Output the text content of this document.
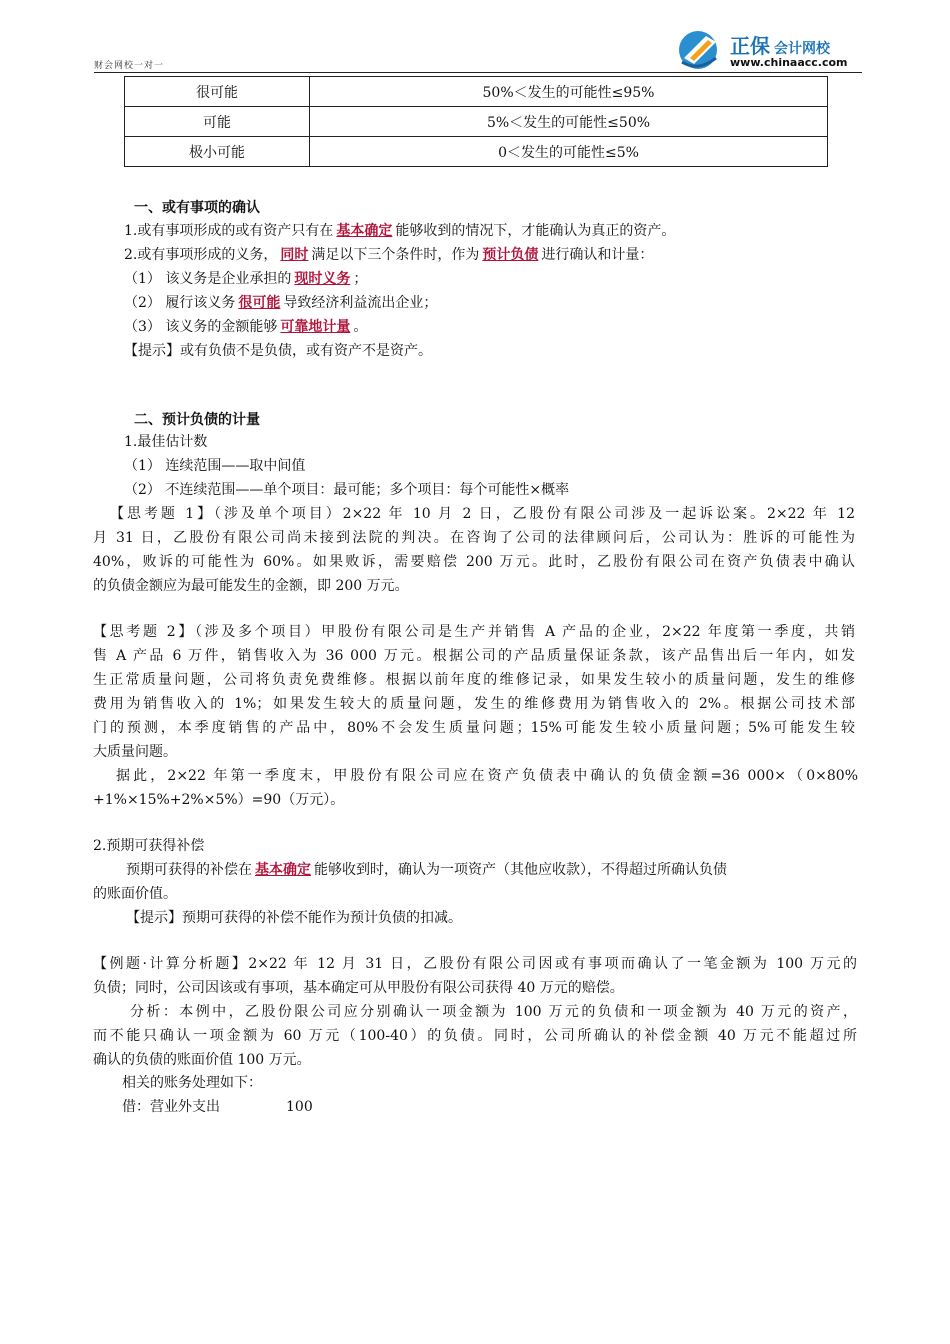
财会网校一对一
正保 会计网校
www.chinaacc.com
很可能	50%＜发生的可能性≤95%
可能	5%＜发生的可能性≤50%
极小可能	0＜发生的可能性≤5%
一、或有事项的确认
1.或有事项形成的或有资产只有在 基本确定 能够收到的情况下，才能确认为真正的资产。
2.或有事项形成的义务， 同时 满足以下三个条件时，作为 预计负债 进行确认和计量：
（1） 该义务是企业承担的 现时义务 ；
（2） 履行该义务 很可能 导致经济利益流出企业；
（3） 该义务的金额能够 可靠地计量 。
【提示】或有负债不是负债，或有资产不是资产。
二、预计负债的计量
1.最佳估计数
（1） 连续范围——取中间值
（2） 不连续范围——单个项目：最可能；多个项目：每个可能性×概率
【思考题 1】（涉及单个项目）2×22 年 10 月 2 日，乙股份有限公司涉及一起诉讼案。2×22 年 12
月 31 日，乙股份有限公司尚未接到法院的判决。在咨询了公司的法律顾问后，公司认为：胜诉的可能性为
40%，败诉的可能性为 60%。如果败诉，需要赔偿 200 万元。此时，乙股份有限公司在资产负债表中确认
的负债金额应为最可能发生的金额，即 200 万元。
【思考题 2】（涉及多个项目）甲股份有限公司是生产并销售 A 产品的企业，2×22 年度第一季度，共销
售 A 产品 6 万件，销售收入为 36 000 万元。根据公司的产品质量保证条款，该产品售出后一年内，如发
生正常质量问题，公司将负责免费维修。根据以前年度的维修记录，如果发生较小的质量问题，发生的维修
费用为销售收入的 1%；如果发生较大的质量问题，发生的维修费用为销售收入的 2%。根据公司技术部
门的预测，本季度销售的产品中，80%不会发生质量问题；15%可能发生较小质量问题；5%可能发生较
大质量问题。
据此，2×22 年第一季度末，甲股份有限公司应在资产负债表中确认的负债金额=36 000×（0×80%
+1%×15%+2%×5%）=90（万元）。
2.预期可获得补偿
预期可获得的补偿在 基本确定 能够收到时，确认为一项资产（其他应收款），不得超过所确认负债
的账面价值。
【提示】预期可获得的补偿不能作为预计负债的扣减。
【例题·计算分析题】2×22 年 12 月 31 日，乙股份有限公司因或有事项而确认了一笔金额为 100 万元的
负债；同时，公司因该或有事项，基本确定可从甲股份有限公司获得 40 万元的赔偿。
分析：本例中，乙股份限公司应分别确认一项金额为 100 万元的负债和一项金额为 40 万元的资产，
而不能只确认一项金额为 60 万元（100-40）的负债。同时，公司所确认的补偿金额 40 万元不能超过所
确认的负债的账面价值 100 万元。
相关的账务处理如下：
借：营业外支出	100
